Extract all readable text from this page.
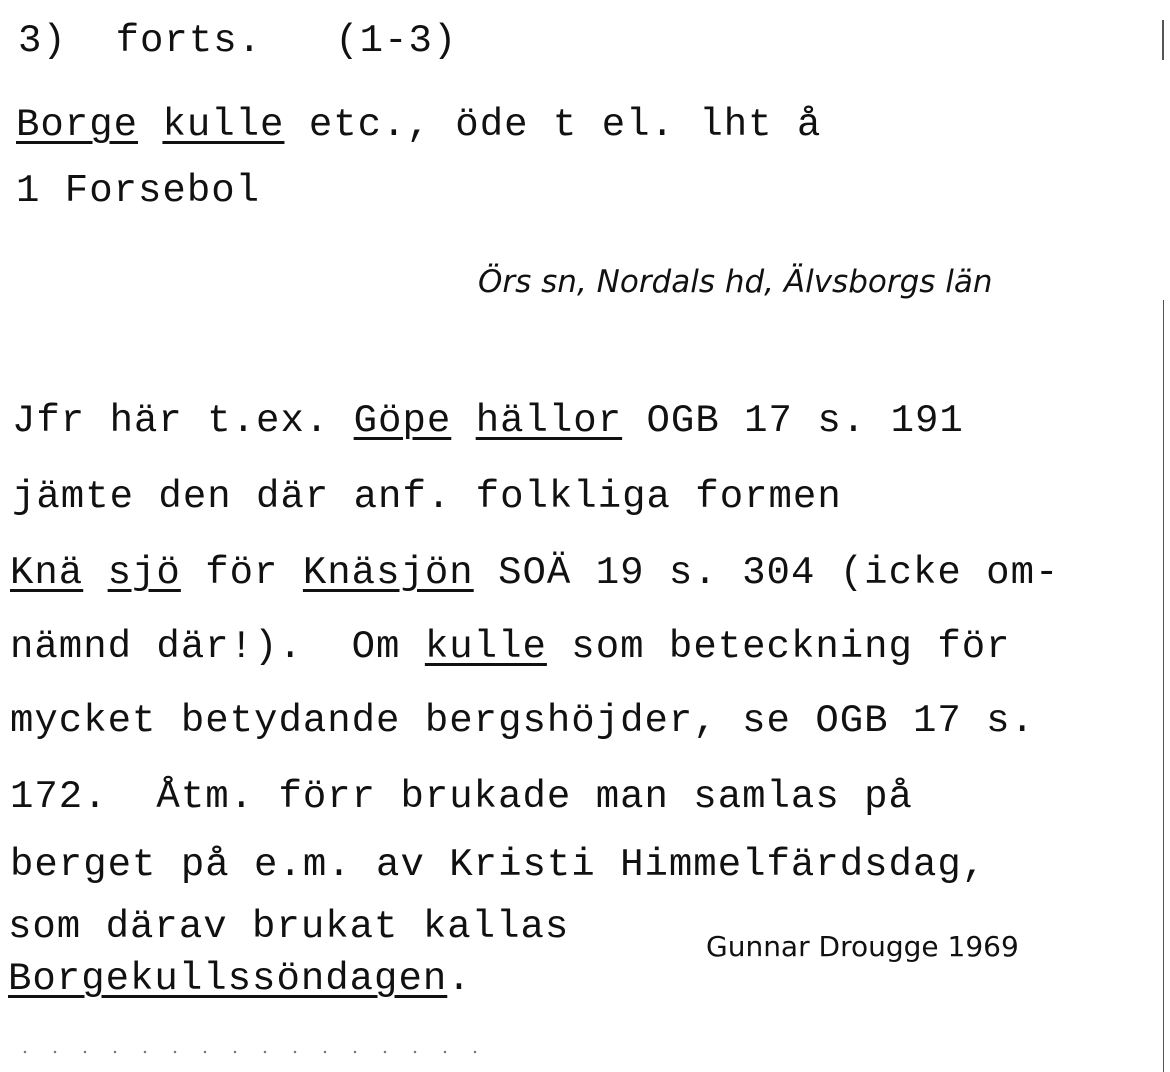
3) forts. (1-3)
Borge kulle etc., öde t el. lht å
1 Forsebol
Örs sn, Nordals hd, Älvsborgs län
Jfr här t.ex. Göpe hällor OGB 17 s. 191
jämte den där anf. folkliga formen
Knä sjö för Knäsjön SOÄ 19 s. 304 (icke om-
nämnd där!).  Om kulle som beteckning för
mycket betydande bergshöjder, se OGB 17 s.
172.  Åtm. förr brukade man samlas på
berget på e.m. av Kristi Himmelfärdsdag,
som därav brukat kallas
Borgekullssöndagen.
Gunnar Drougge 1969
